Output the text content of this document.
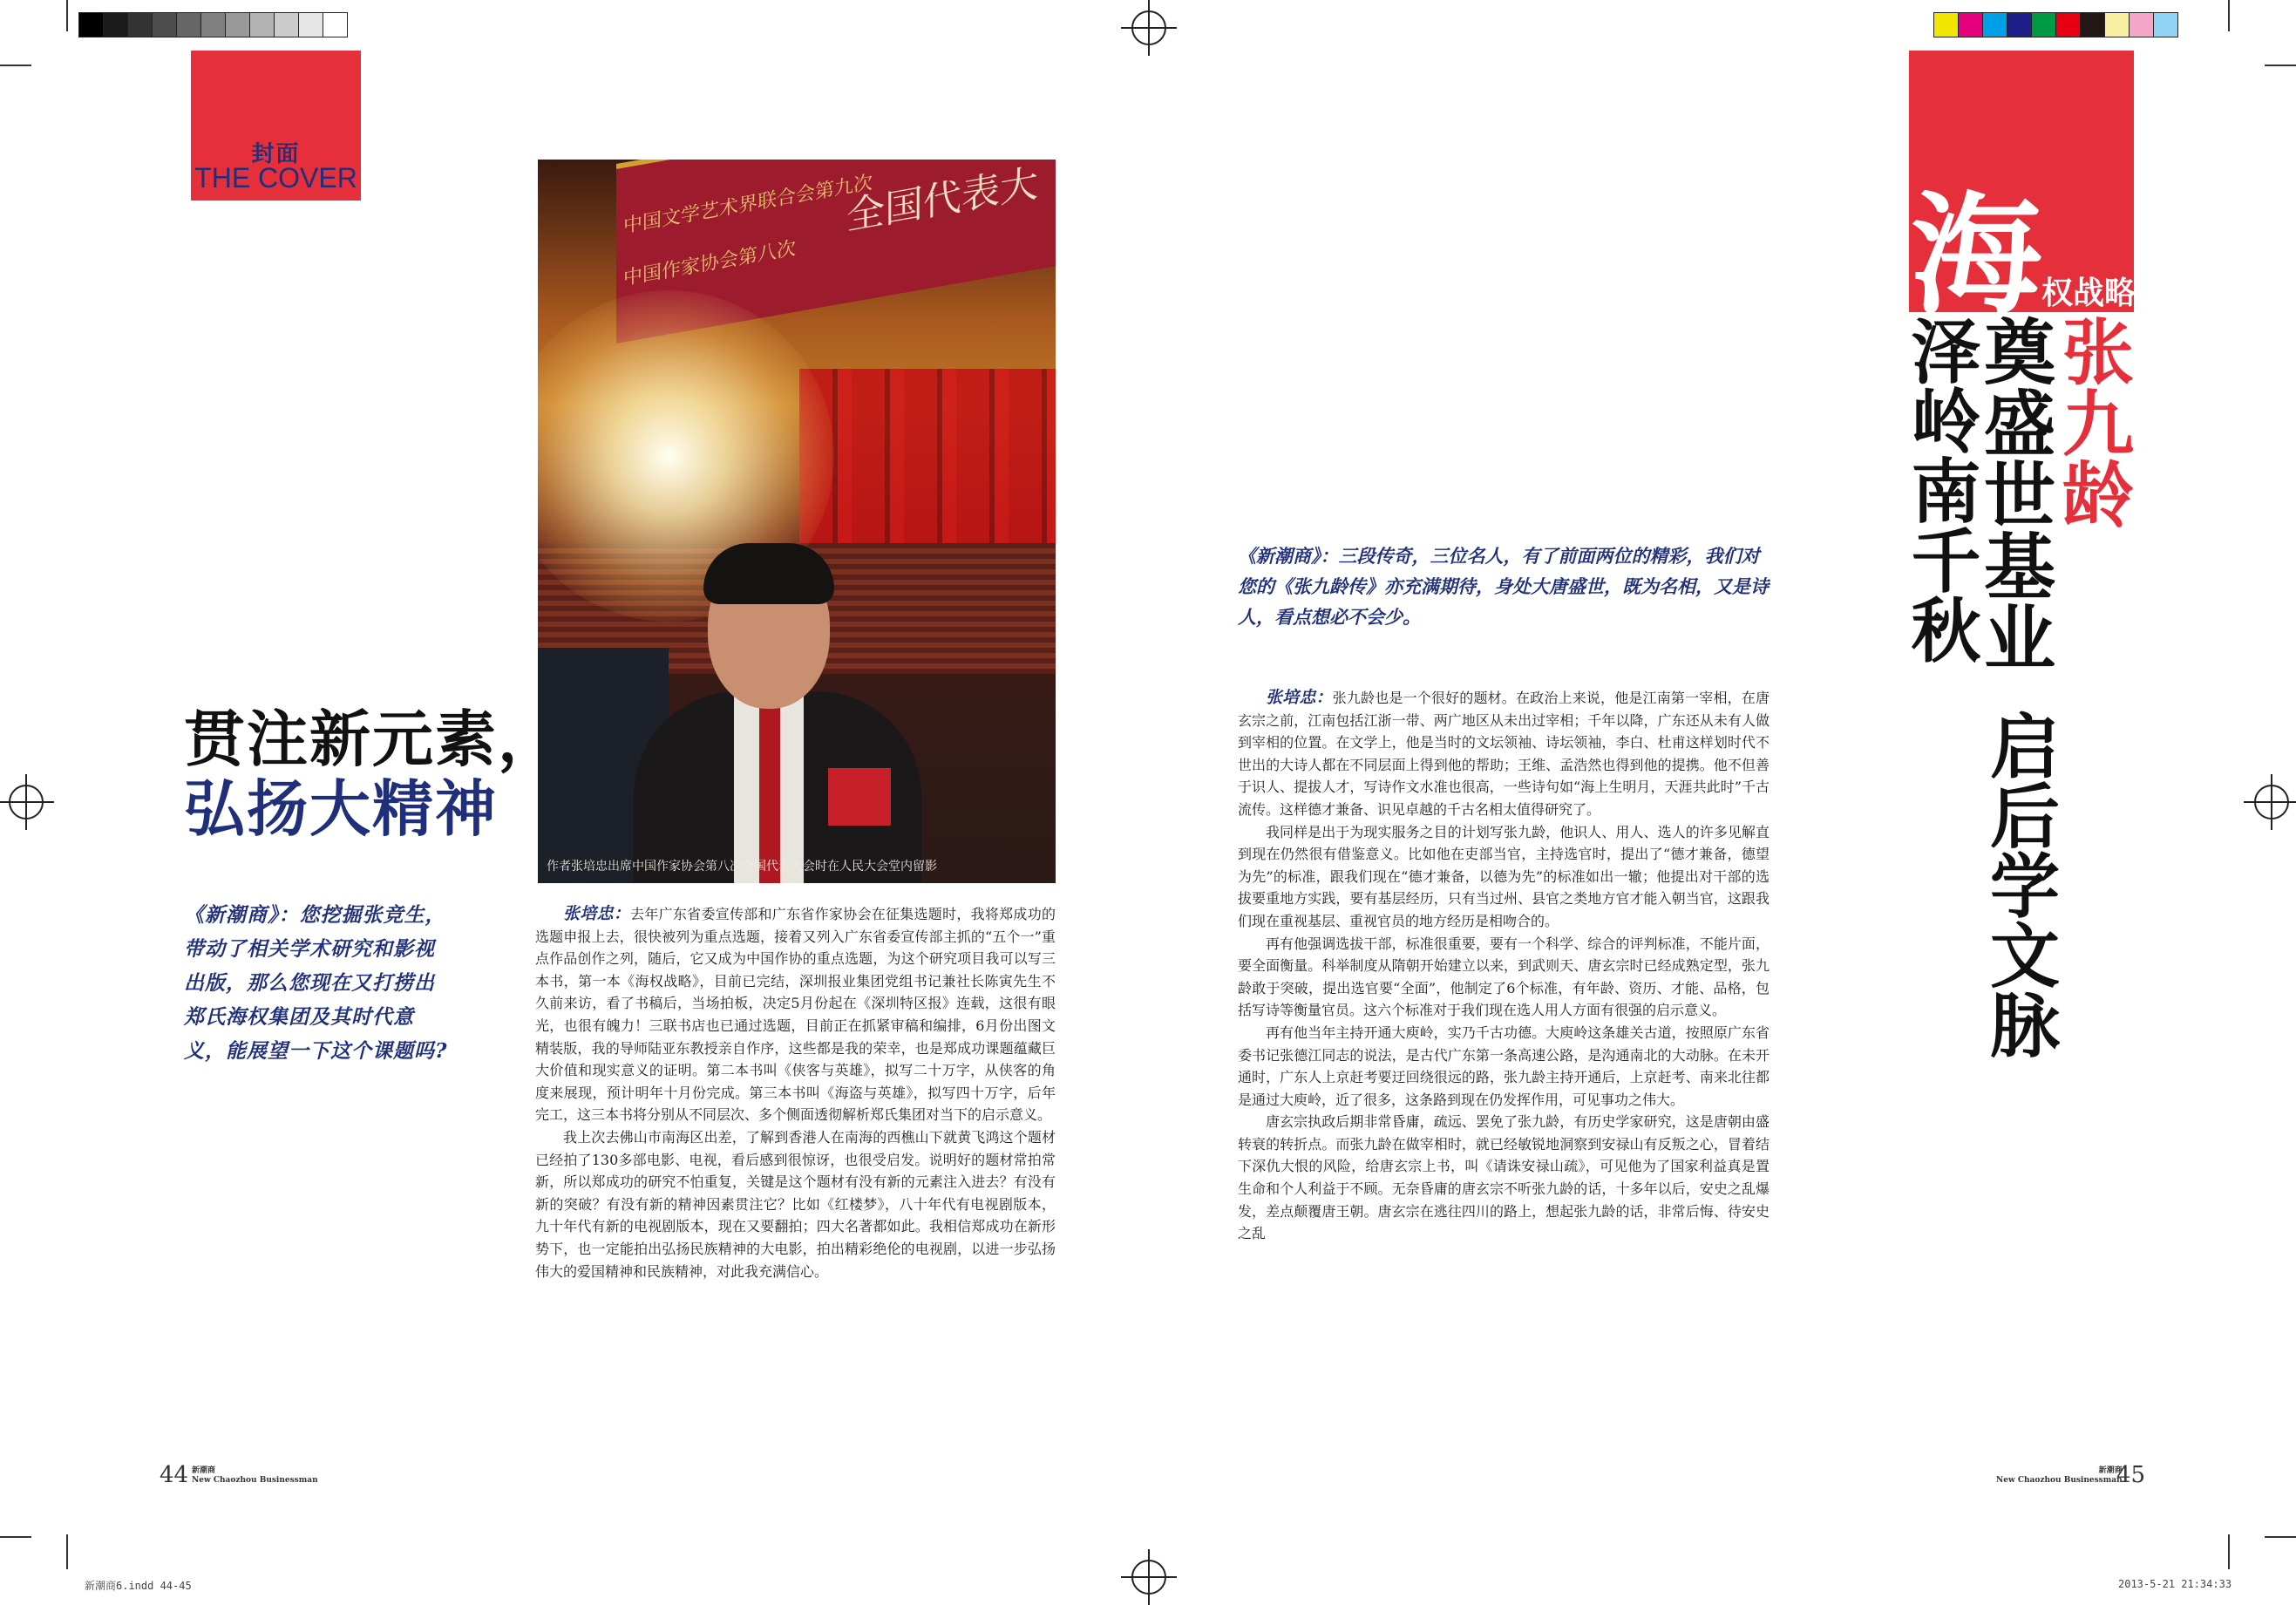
封面
THE COVER	中国文学艺术界联合会第九次
中国作家协会第八次
全国代表大
作者张培忠出席中国作家协会第八次全国代表大会时在人民大会堂内留影
贯注新元素，
弘扬大精神
《新潮商》：您挖掘张竞生，带动了相关学术研究和影视出版，那么您现在又打捞出郑氏海权集团及其时代意义，能展望一下这个课题吗?
《新潮商》：三段传奇，三位名人，有了前面两位的精彩，我们对您的《张九龄传》亦充满期待，身处大唐盛世，既为名相，又是诗人，看点想必不会少。

张培忠：去年广东省委宣传部和广东省作家协会在征集选题时，我将郑成功的选题申报上去，很快被列为重点选题，接着又列入广东省委宣传部主抓的“五个一”重点作品创作之列，随后，它又成为中国作协的重点选题，为这个研究项目我可以写三本书，第一本《海权战略》，目前已完结，深圳报业集团党组书记兼社长陈寅先生不久前来访，看了书稿后，当场拍板，决定5月份起在《深圳特区报》连载，这很有眼光，也很有魄力！三联书店也已通过选题，目前正在抓紧审稿和编排，6月份出图文精装版，我的导师陆亚东教授亲自作序，这些都是我的荣幸，也是郑成功课题蕴藏巨大价值和现实意义的证明。第二本书叫《侠客与英雄》，拟写二十万字，从侠客的角度来展现，预计明年十月份完成。第三本书叫《海盗与英雄》，拟写四十万字，后年完工，这三本书将分别从不同层次、多个侧面透彻解析郑氏集团对当下的启示意义。

我上次去佛山市南海区出差，了解到香港人在南海的西樵山下就黄飞鸿这个题材已经拍了130多部电影、电视，看后感到很惊讶，也很受启发。说明好的题材常拍常新，所以郑成功的研究不怕重复，关键是这个题材有没有新的元素注入进去？有没有新的突破？有没有新的精神因素贯注它？比如《红楼梦》，八十年代有电视剧版本，九十年代有新的电视剧版本，现在又要翻拍；四大名著都如此。我相信郑成功在新形势下，也一定能拍出弘扬民族精神的大电影，拍出精彩绝伦的电视剧，以进一步弘扬伟大的爱国精神和民族精神，对此我充满信心。

张培忠：张九龄也是一个很好的题材。在政治上来说，他是江南第一宰相，在唐玄宗之前，江南包括江浙一带、两广地区从未出过宰相；千年以降，广东还从未有人做到宰相的位置。在文学上，他是当时的文坛领袖、诗坛领袖，李白、杜甫这样划时代不世出的大诗人都在不同层面上得到他的帮助；王维、孟浩然也得到他的提携。他不但善于识人、提拔人才，写诗作文水准也很高，一些诗句如“海上生明月，天涯共此时”千古流传。这样德才兼备、识见卓越的千古名相太值得研究了。

我同样是出于为现实服务之目的计划写张九龄，他识人、用人、选人的许多见解直到现在仍然很有借鉴意义。比如他在吏部当官，主持选官时，提出了“德才兼备，德望为先”的标准，跟我们现在“德才兼备，以德为先”的标准如出一辙；他提出对干部的选拔要重地方实践，要有基层经历，只有当过州、县官之类地方官才能入朝当官，这跟我们现在重视基层、重视官员的地方经历是相吻合的。

再有他强调选拔干部，标准很重要，要有一个科学、综合的评判标准，不能片面，要全面衡量。科举制度从隋朝开始建立以来，到武则天、唐玄宗时已经成熟定型，张九龄敢于突破，提出选官要“全面”，他制定了6个标准，有年龄、资历、才能、品格，包括写诗等衡量官员。这六个标准对于我们现在选人用人方面有很强的启示意义。

再有他当年主持开通大庾岭，实乃千古功德。大庾岭这条雄关古道，按照原广东省委书记张德江同志的说法，是古代广东第一条高速公路，是沟通南北的大动脉。在未开通时，广东人上京赶考要迂回绕很远的路，张九龄主持开通后，上京赶考、南来北往都是通过大庾岭，近了很多，这条路到现在仍发挥作用，可见事功之伟大。

唐玄宗执政后期非常昏庸，疏远、罢免了张九龄，有历史学家研究，这是唐朝由盛转衰的转折点。而张九龄在做宰相时，就已经敏锐地洞察到安禄山有反叛之心，冒着结下深仇大恨的风险，给唐玄宗上书，叫《请诛安禄山疏》，可见他为了国家利益真是置生命和个人利益于不顾。无奈昏庸的唐玄宗不听张九龄的话，十多年以后，安史之乱爆发，差点颠覆唐王朝。唐玄宗在逃往四川的路上，想起张九龄的话，非常后悔、待安史之乱

海 权战略
张
九
龄
奠
盛
世
基
业
泽
岭
南
千
秋
启
后
学
文
脉
44 新潮商
New Chaozhou Businessman
新潮商
New Chaozhou Businessman
45
新潮商6.indd 44-45	2013-5-21 21:34:33
